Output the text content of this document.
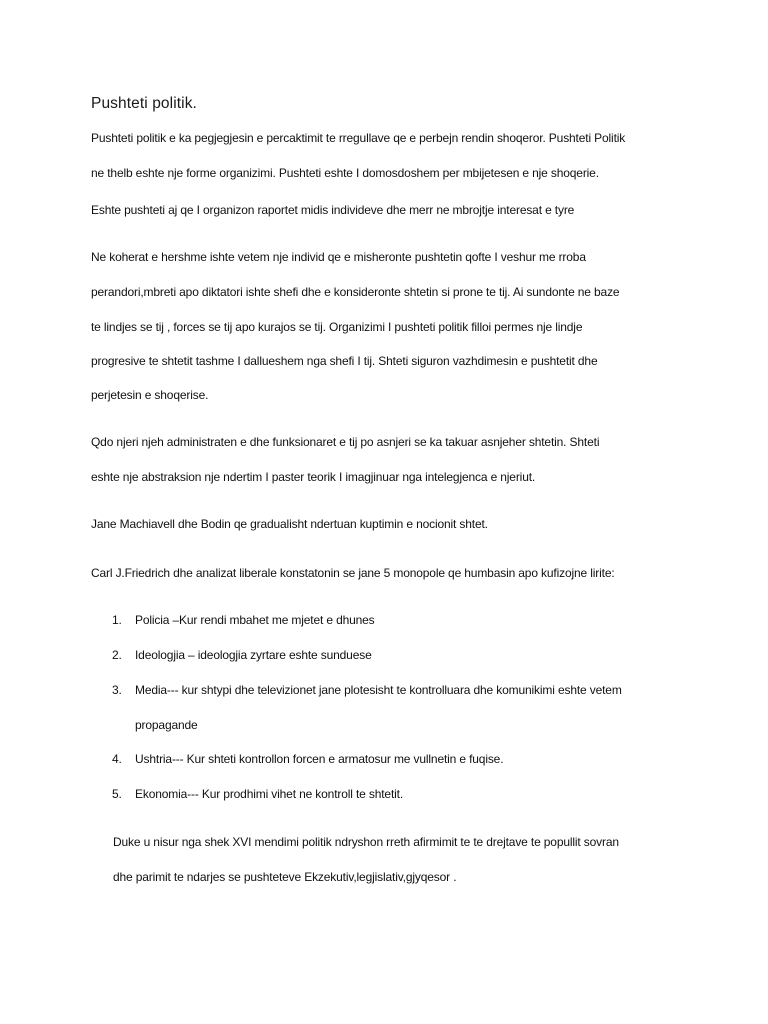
Pushteti politik.
Pushteti politik e ka pegjegjesin e percaktimit te rregullave qe e perbejn rendin shoqeror. Pushteti Politik
ne thelb eshte nje forme organizimi. Pushteti eshte I domosdoshem per mbijetesen e nje shoqerie.
Eshte pushteti aj qe I organizon raportet midis individeve dhe merr ne mbrojtje interesat e tyre
Ne koherat e hershme ishte vetem nje individ qe e misheronte pushtetin qofte I veshur me rroba
perandori,mbreti apo diktatori ishte shefi dhe e konsideronte shtetin si prone te tij. Ai sundonte ne baze
te lindjes se tij , forces se tij apo kurajos se tij. Organizimi I pushteti politik filloi permes nje lindje
progresive te shtetit tashme I dallueshem nga shefi I tij. Shteti siguron vazhdimesin e pushtetit dhe
perjetesin e shoqerise.
Qdo njeri njeh administraten e dhe funksionaret e tij po asnjeri se ka takuar asnjeher shtetin. Shteti
eshte nje abstraksion nje ndertim I paster teorik I imagjinuar nga intelegjenca e njeriut.
Jane Machiavell dhe Bodin qe gradualisht ndertuan kuptimin e nocionit shtet.
Carl J.Friedrich dhe analizat liberale konstatonin se jane 5 monopole qe humbasin apo kufizojne lirite:
1. Policia –Kur rendi mbahet me mjetet e dhunes
2. Ideologjia – ideologjia zyrtare eshte sunduese
3. Media--- kur shtypi dhe televizionet jane plotesisht te kontrolluara dhe komunikimi eshte vetem
propagande
4. Ushtria--- Kur shteti kontrollon forcen e armatosur me vullnetin e fuqise.
5. Ekonomia--- Kur prodhimi vihet ne kontroll te shtetit.
Duke u nisur nga shek XVI mendimi politik ndryshon rreth afirmimit te te drejtave te popullit sovran
dhe parimit te ndarjes se pushteteve Ekzekutiv,legjislativ,gjyqesor .
